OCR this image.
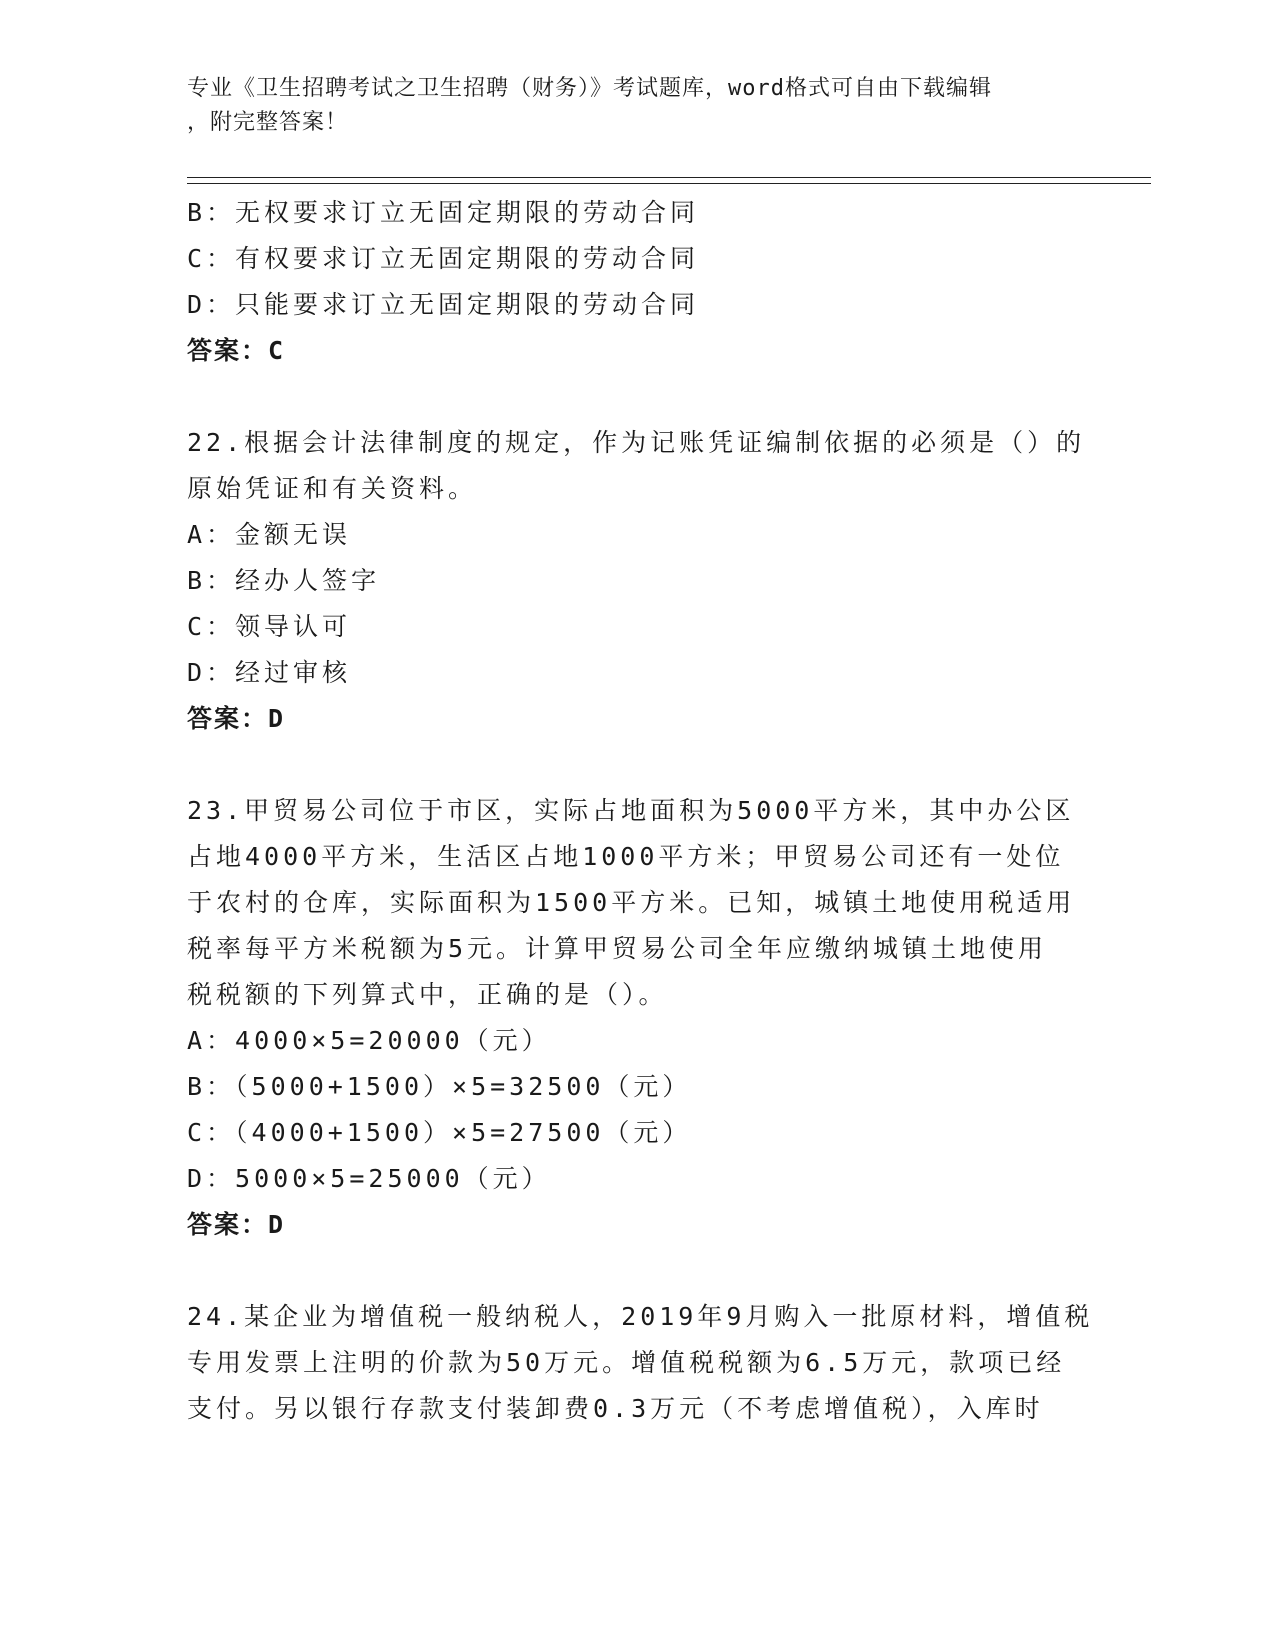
专业《卫生招聘考试之卫生招聘（财务）》考试题库，word格式可自由下载编辑
，附完整答案！
B：无权要求订立无固定期限的劳动合同
C：有权要求订立无固定期限的劳动合同
D：只能要求订立无固定期限的劳动合同
答案：C
22.根据会计法律制度的规定，作为记账凭证编制依据的必须是（）的
原始凭证和有关资料。
A：金额无误
B：经办人签字
C：领导认可
D：经过审核
答案：D
23.甲贸易公司位于市区，实际占地面积为5000平方米，其中办公区
占地4000平方米，生活区占地1000平方米；甲贸易公司还有一处位
于农村的仓库，实际面积为1500平方米。已知，城镇土地使用税适用
税率每平方米税额为5元。计算甲贸易公司全年应缴纳城镇土地使用
税税额的下列算式中，正确的是（）。
A：4000×5=20000（元）
B：（5000+1500）×5=32500（元）
C：（4000+1500）×5=27500（元）
D：5000×5=25000（元）
答案：D
24.某企业为增值税一般纳税人，2019年9月购入一批原材料，增值税
专用发票上注明的价款为50万元。增值税税额为6.5万元，款项已经
支付。另以银行存款支付装卸费0.3万元（不考虑增值税），入库时
